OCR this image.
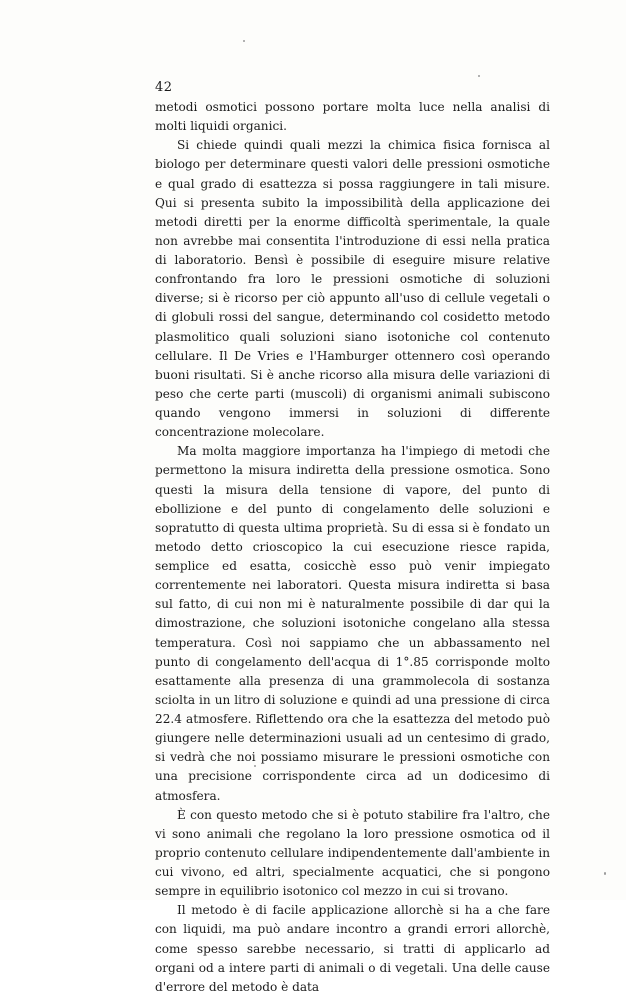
42

metodi osmotici possono portare molta luce nella analisi di molti liquidi organici.

Si chiede quindi quali mezzi la chimica fisica fornisca al biologo per determinare questi valori delle pressioni osmotiche e qual grado di esattezza si possa raggiungere in tali misure. Qui si presenta subito la impossibilità della applicazione dei metodi diretti per la enorme difficoltà sperimentale, la quale non avrebbe mai consentita l'introduzione di essi nella pratica di laboratorio. Bensì è possibile di eseguire misure relative confrontando fra loro le pressioni osmotiche di soluzioni diverse; si è ricorso per ciò appunto all'uso di cellule vegetali o di globuli rossi del sangue, determinando col cosidetto metodo plasmolitico quali soluzioni siano isotoniche col contenuto cellulare. Il De Vries e l'Hamburger ottennero così operando buoni risultati. Si è anche ricorso alla misura delle variazioni di peso che certe parti (muscoli) di organismi animali subiscono quando vengono immersi in soluzioni di differente concentrazione molecolare.

Ma molta maggiore importanza ha l'impiego di metodi che permettono la misura indiretta della pressione osmotica. Sono questi la misura della tensione di vapore, del punto di ebollizione e del punto di congelamento delle soluzioni e sopratutto di questa ultima proprietà. Su di essa si è fondato un metodo detto crioscopico la cui esecuzione riesce rapida, semplice ed esatta, cosicchè esso può venir impiegato correntemente nei laboratori. Questa misura indiretta si basa sul fatto, di cui non mi è naturalmente possibile di dar qui la dimostrazione, che soluzioni isotoniche congelano alla stessa temperatura. Così noi sappiamo che un abbassamento nel punto di congelamento dell'acqua di 1°.85 corrisponde molto esattamente alla presenza di una grammolecola di sostanza sciolta in un litro di soluzione e quindi ad una pressione di circa 22.4 atmosfere. Riflettendo ora che la esattezza del metodo può giungere nelle determinazioni usuali ad un centesimo di grado, si vedrà che noi possiamo misurare le pressioni osmotiche con una precisione corrispondente circa ad un dodicesimo di atmosfera.

È con questo metodo che si è potuto stabilire fra l'altro, che vi sono animali che regolano la loro pressione osmotica od il proprio contenuto cellulare indipendentemente dall'ambiente in cui vivono, ed altri, specialmente acquatici, che si pongono sempre in equilibrio isotonico col mezzo in cui si trovano.

Il metodo è di facile applicazione allorchè si ha a che fare con liquidi, ma può andare incontro a grandi errori allorchè, come spesso sarebbe necessario, si tratti di applicarlo ad organi od a intere parti di animali o di vegetali. Una delle cause d'errore del metodo è data
